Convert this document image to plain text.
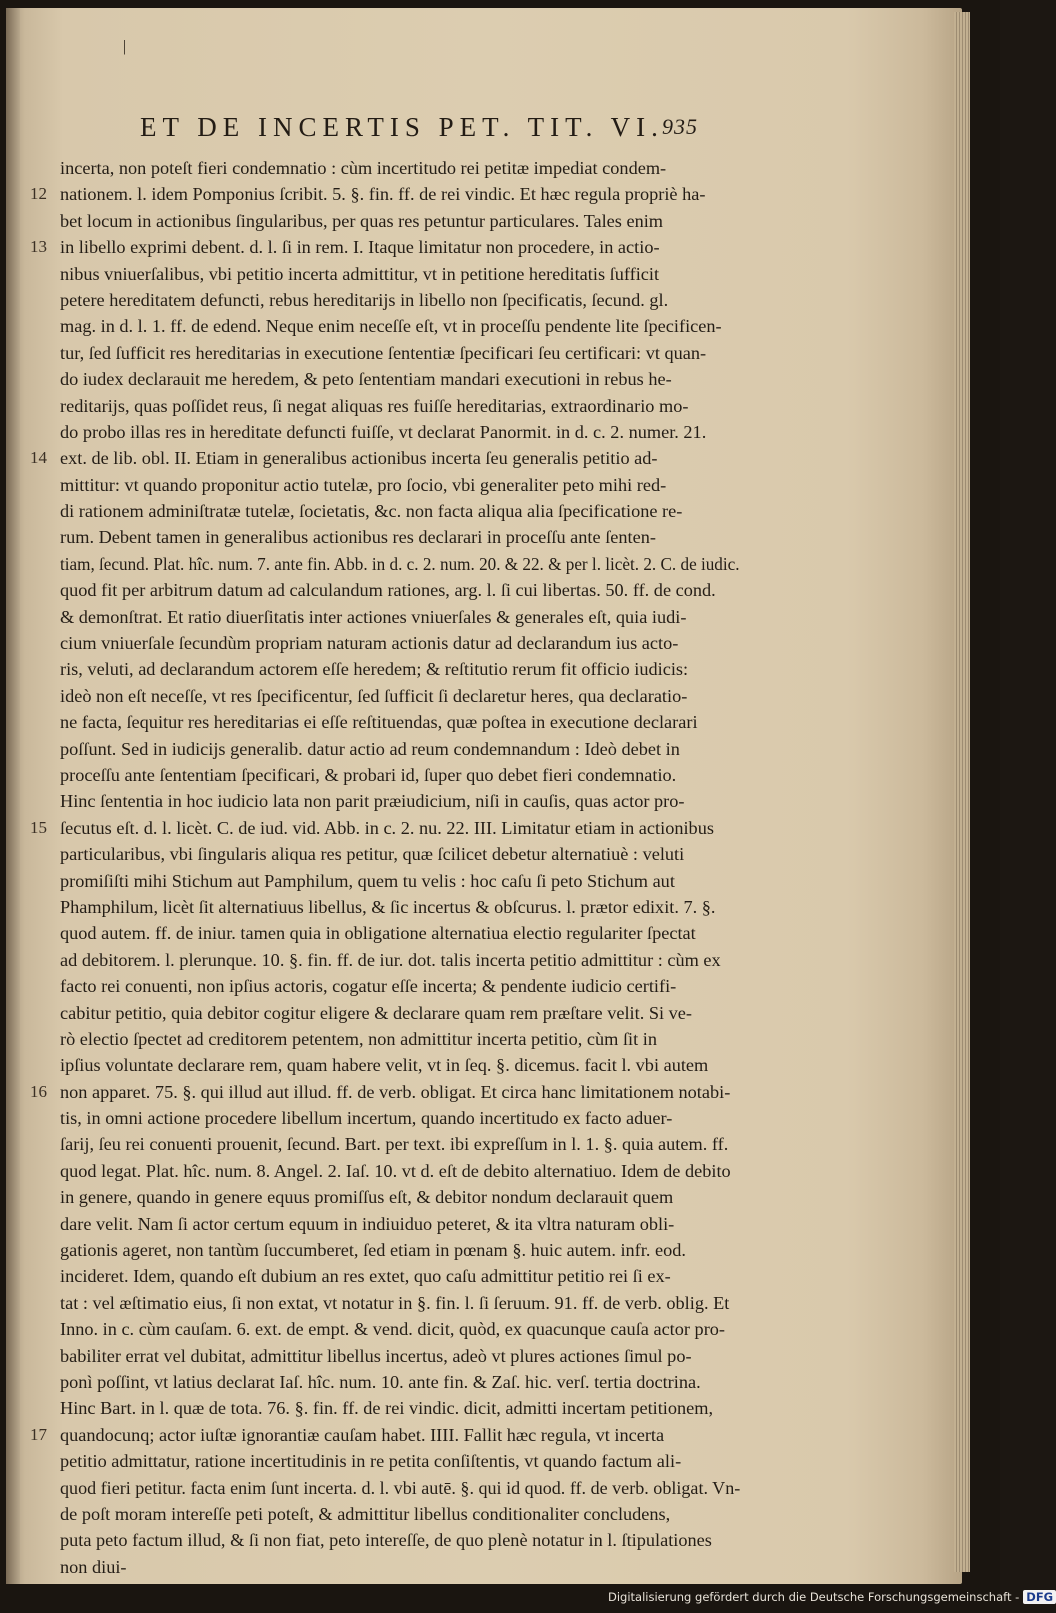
|
ET DE INCERTIS PET. TIT. VI.
935
incerta, non poteſt fieri condemnatio : cùm incertitudo rei petitæ impediat condem-
12 nationem. l. idem Pomponius ſcribit. 5. §. fin. ff. de rei vindic. Et hæc regula propriè ha-
bet locum in actionibus ſingularibus, per quas res petuntur particulares. Tales enim
13 in libello exprimi debent. d. l. ſi in rem. I. Itaque limitatur non procedere, in actio-
nibus vniuerſalibus, vbi petitio incerta admittitur, vt in petitione hereditatis ſufficit
petere hereditatem defuncti, rebus hereditarijs in libello non ſpecificatis, ſecund. gl.
mag. in d. l. 1. ff. de edend. Neque enim neceſſe eſt, vt in proceſſu pendente lite ſpecificen-
tur, ſed ſufficit res hereditarias in executione ſententiæ ſpecificari ſeu certificari: vt quan-
do iudex declarauit me heredem, & peto ſententiam mandari executioni in rebus he-
reditarijs, quas poſſidet reus, ſi negat aliquas res fuiſſe hereditarias, extraordinario mo-
do probo illas res in hereditate defuncti fuiſſe, vt declarat Panormit. in d. c. 2. numer. 21.
14 ext. de lib. obl. II. Etiam in generalibus actionibus incerta ſeu generalis petitio ad-
mittitur: vt quando proponitur actio tutelæ, pro ſocio, vbi generaliter peto mihi red-
di rationem adminiſtratæ tutelæ, ſocietatis, &c. non facta aliqua alia ſpecificatione re-
rum. Debent tamen in generalibus actionibus res declarari in proceſſu ante ſenten-
tiam, ſecund. Plat. hîc. num. 7. ante fin. Abb. in d. c. 2. num. 20. & 22. & per l. licèt. 2. C. de iudic.
quod fit per arbitrum datum ad calculandum rationes, arg. l. ſi cui libertas. 50. ff. de cond.
& demonſtrat. Et ratio diuerſitatis inter actiones vniuerſales & generales eſt, quia iudi-
cium vniuerſale ſecundùm propriam naturam actionis datur ad declarandum ius acto-
ris, veluti, ad declarandum actorem eſſe heredem; & reſtitutio rerum fit officio iudicis:
ideò non eſt neceſſe, vt res ſpecificentur, ſed ſufficit ſi declaretur heres, qua declaratio-
ne facta, ſequitur res hereditarias ei eſſe reſtituendas, quæ poſtea in executione declarari
poſſunt. Sed in iudicijs generalib. datur actio ad reum condemnandum : Ideò debet in
proceſſu ante ſententiam ſpecificari, & probari id, ſuper quo debet fieri condemnatio.
Hinc ſententia in hoc iudicio lata non parit præiudicium, niſi in cauſis, quas actor pro-
15 ſecutus eſt. d. l. licèt. C. de iud. vid. Abb. in c. 2. nu. 22. III. Limitatur etiam in actionibus
particularibus, vbi ſingularis aliqua res petitur, quæ ſcilicet debetur alternatiuè : veluti
promiſiſti mihi Stichum aut Pamphilum, quem tu velis : hoc caſu ſi peto Stichum aut
Phamphilum, licèt ſit alternatiuus libellus, & ſic incertus & obſcurus. l. prætor edixit. 7. §.
quod autem. ff. de iniur. tamen quia in obligatione alternatiua electio regulariter ſpectat
ad debitorem. l. plerunque. 10. §. fin. ff. de iur. dot. talis incerta petitio admittitur : cùm ex
facto rei conuenti, non ipſius actoris, cogatur eſſe incerta; & pendente iudicio certifi-
cabitur petitio, quia debitor cogitur eligere & declarare quam rem præſtare velit. Si ve-
rò electio ſpectet ad creditorem petentem, non admittitur incerta petitio, cùm ſit in
ipſius voluntate declarare rem, quam habere velit, vt in ſeq. §. dicemus. facit l. vbi autem
16 non apparet. 75. §. qui illud aut illud. ff. de verb. obligat. Et circa hanc limitationem notabi-
tis, in omni actione procedere libellum incertum, quando incertitudo ex facto aduer-
ſarij, ſeu rei conuenti prouenit, ſecund. Bart. per text. ibi expreſſum in l. 1. §. quia autem. ff.
quod legat. Plat. hîc. num. 8. Angel. 2. Iaſ. 10. vt d. eſt de debito alternatiuo. Idem de debito
in genere, quando in genere equus promiſſus eſt, & debitor nondum declarauit quem
dare velit. Nam ſi actor certum equum in indiuiduo peteret, & ita vltra naturam obli-
gationis ageret, non tantùm ſuccumberet, ſed etiam in pœnam §. huic autem. infr. eod.
incideret. Idem, quando eſt dubium an res extet, quo caſu admittitur petitio rei ſi ex-
tat : vel æſtimatio eius, ſi non extat, vt notatur in §. fin. l. ſi ſeruum. 91. ff. de verb. oblig. Et
Inno. in c. cùm cauſam. 6. ext. de empt. & vend. dicit, quòd, ex quacunque cauſa actor pro-
babiliter errat vel dubitat, admittitur libellus incertus, adeò vt plures actiones ſimul po-
ponì poſſint, vt latius declarat Iaſ. hîc. num. 10. ante fin. & Zaſ. hic. verſ. tertia doctrina.
Hinc Bart. in l. quæ de tota. 76. §. fin. ff. de rei vindic. dicit, admitti incertam petitionem,
17 quandocunq; actor iuſtæ ignorantiæ cauſam habet. IIII. Fallit hæc regula, vt incerta
petitio admittatur, ratione incertitudinis in re petita conſiſtentis, vt quando factum ali-
quod fieri petitur. facta enim ſunt incerta. d. l. vbi autē. §. qui id quod. ff. de verb. obligat. Vn-
de poſt moram intereſſe peti poteſt, & admittitur libellus conditionaliter concludens,
puta peto factum illud, & ſi non fiat, peto intereſſe, de quo plenè notatur in l. ſtipulationes
non diui-
Digitalisierung gefördert durch die Deutsche Forschungsgemeinschaft - DFG
